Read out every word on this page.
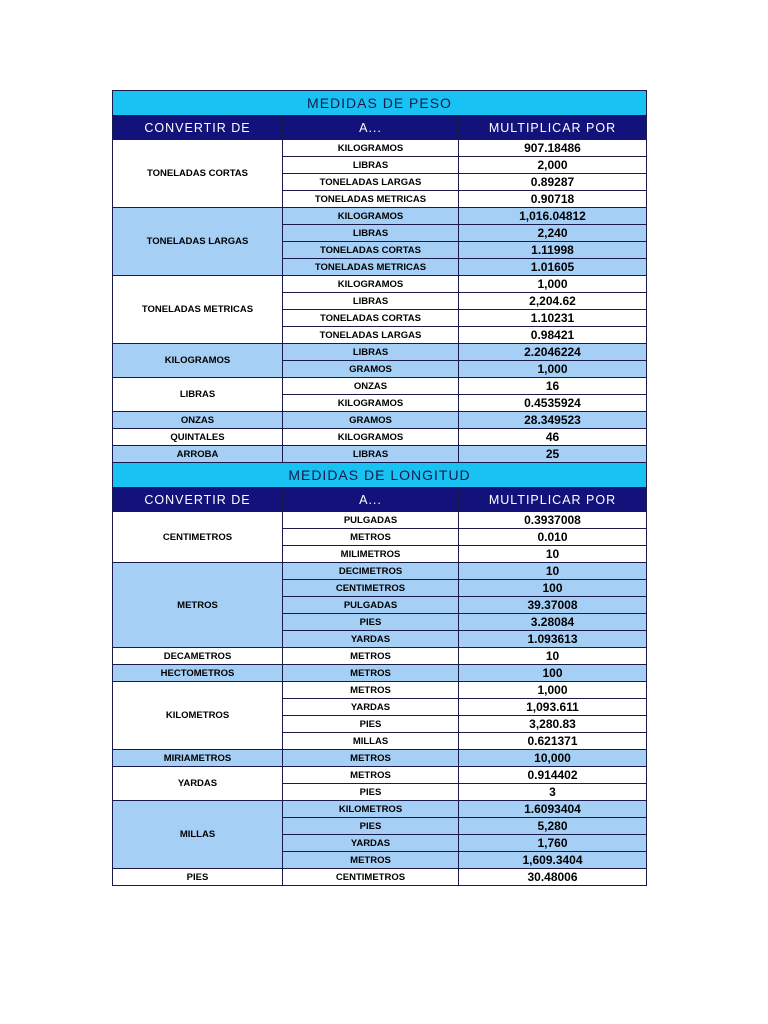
MEDIDAS DE PESO		
CONVERTIR DE	A...	MULTIPLICAR POR
TONELADAS CORTAS	KILOGRAMOS	907.18486
	LIBRAS	2,000
	TONELADAS LARGAS	0.89287
	TONELADAS METRICAS	0.90718
TONELADAS LARGAS	KILOGRAMOS	1,016.04812
	LIBRAS	2,240
	TONELADAS CORTAS	1.11998
	TONELADAS METRICAS	1.01605
TONELADAS METRICAS	KILOGRAMOS	1,000
	LIBRAS	2,204.62
	TONELADAS CORTAS	1.10231
	TONELADAS LARGAS	0.98421
KILOGRAMOS	LIBRAS	2.2046224
	GRAMOS	1,000
LIBRAS	ONZAS	16
	KILOGRAMOS	0.4535924
ONZAS	GRAMOS	28.349523
QUINTALES	KILOGRAMOS	46
ARROBA	LIBRAS	25
MEDIDAS DE LONGITUD		
CONVERTIR DE	A...	MULTIPLICAR POR
CENTIMETROS	PULGADAS	0.3937008
	METROS	0.010
	MILIMETROS	10
METROS	DECIMETROS	10
	CENTIMETROS	100
	PULGADAS	39.37008
	PIES	3.28084
	YARDAS	1.093613
DECAMETROS	METROS	10
HECTOMETROS	METROS	100
KILOMETROS	METROS	1,000
	YARDAS	1,093.611
	PIES	3,280.83
	MILLAS	0.621371
MIRIAMETROS	METROS	10,000
YARDAS	METROS	0.914402
	PIES	3
MILLAS	KILOMETROS	1.6093404
	PIES	5,280
	YARDAS	1,760
	METROS	1,609.3404
PIES	CENTIMETROS	30.48006
